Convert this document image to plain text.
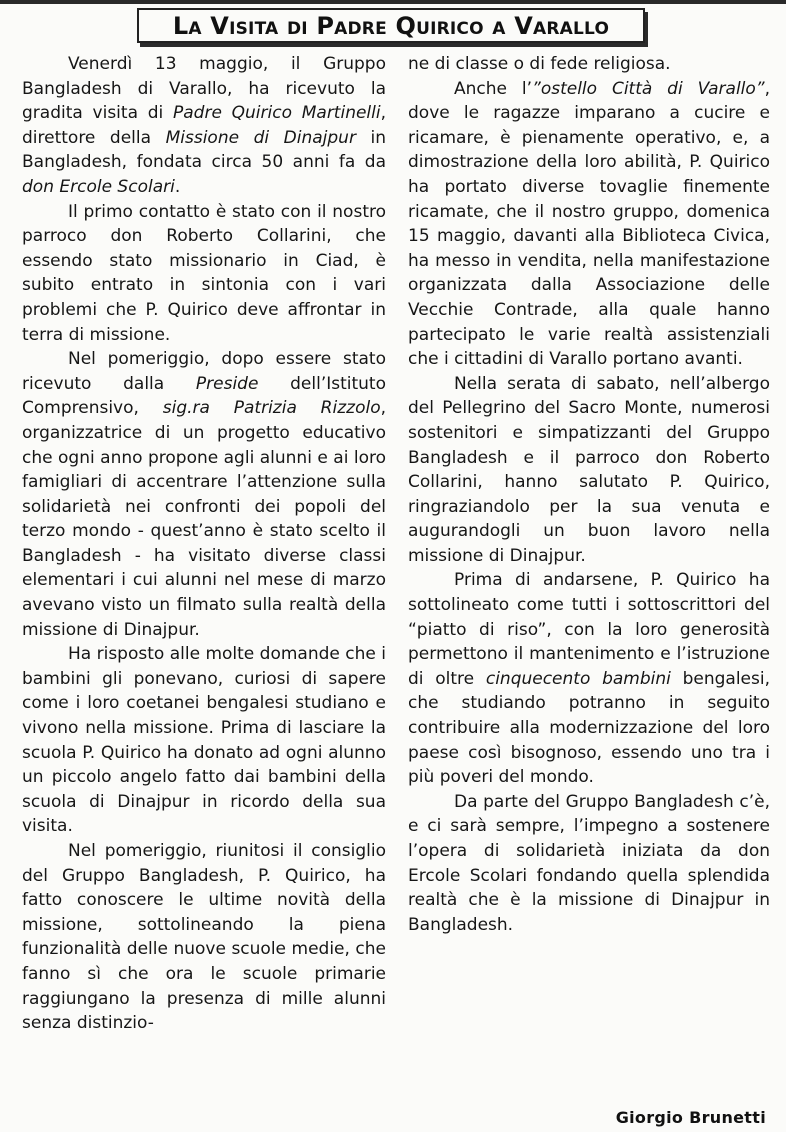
La Visita di Padre Quirico a Varallo

Venerdì 13 maggio, il Gruppo Bangladesh di Varallo, ha ricevuto la gradita visita di Padre Quirico Martinelli, direttore della Missione di Dinajpur in Bangladesh, fondata circa 50 anni fa da don Ercole Scolari.

Il primo contatto è stato con il nostro parroco don Roberto Collarini, che essendo stato missionario in Ciad, è subito entrato in sintonia con i vari problemi che P. Quirico deve affrontar in terra di missione.

Nel pomeriggio, dopo essere stato ricevuto dalla Preside dell’Istituto Comprensivo, sig.ra Patrizia Rizzolo, organizzatrice di un progetto educativo che ogni anno propone agli alunni e ai loro famigliari di accentrare l’attenzione sulla solidarietà nei confronti dei popoli del terzo mondo - quest’anno è stato scelto il Bangladesh - ha visitato diverse classi elementari i cui alunni nel mese di marzo avevano visto un filmato sulla realtà della missione di Dinajpur.

Ha risposto alle molte domande che i bambini gli ponevano, curiosi di sapere come i loro coetanei bengalesi studiano e vivono nella missione. Prima di lasciare la scuola P. Quirico ha donato ad ogni alunno un piccolo angelo fatto dai bambini della scuola di Dinajpur in ricordo della sua visita.

Nel pomeriggio, riunitosi il consiglio del Gruppo Bangladesh, P. Quirico, ha fatto conoscere le ultime novità della missione, sottolineando la piena funzionalità delle nuove scuole medie, che fanno sì che ora le scuole primarie raggiungano la presenza di mille alunni senza distinzio-

ne di classe o di fede religiosa.

Anche l’”ostello Città di Varallo”, dove le ragazze imparano a cucire e ricamare, è pienamente operativo, e, a dimostrazione della loro abilità, P. Quirico ha portato diverse tovaglie finemente ricamate, che il nostro gruppo, domenica 15 maggio, davanti alla Biblioteca Civica, ha messo in vendita, nella manifestazione organizzata dalla Associazione delle Vecchie Contrade, alla quale hanno partecipato le varie realtà assistenziali che i cittadini di Varallo portano avanti.

Nella serata di sabato, nell’albergo del Pellegrino del Sacro Monte, numerosi sostenitori e simpatizzanti del Gruppo Bangladesh e il parroco don Roberto Collarini, hanno salutato P. Quirico, ringraziandolo per la sua venuta e augurandogli un buon lavoro nella missione di Dinajpur.

Prima di andarsene, P. Quirico ha sottolineato come tutti i sottoscrittori del “piatto di riso”, con la loro generosità permettono il mantenimento e l’istruzione di oltre cinquecento bambini bengalesi, che studiando potranno in seguito contribuire alla modernizzazione del loro paese così bisognoso, essendo uno tra i più poveri del mondo.

Da parte del Gruppo Bangladesh c’è, e ci sarà sempre, l’impegno a sostenere l’opera di solidarietà iniziata da don Ercole Scolari fondando quella splendida realtà che è la missione di Dinajpur in Bangladesh.

Giorgio Brunetti
